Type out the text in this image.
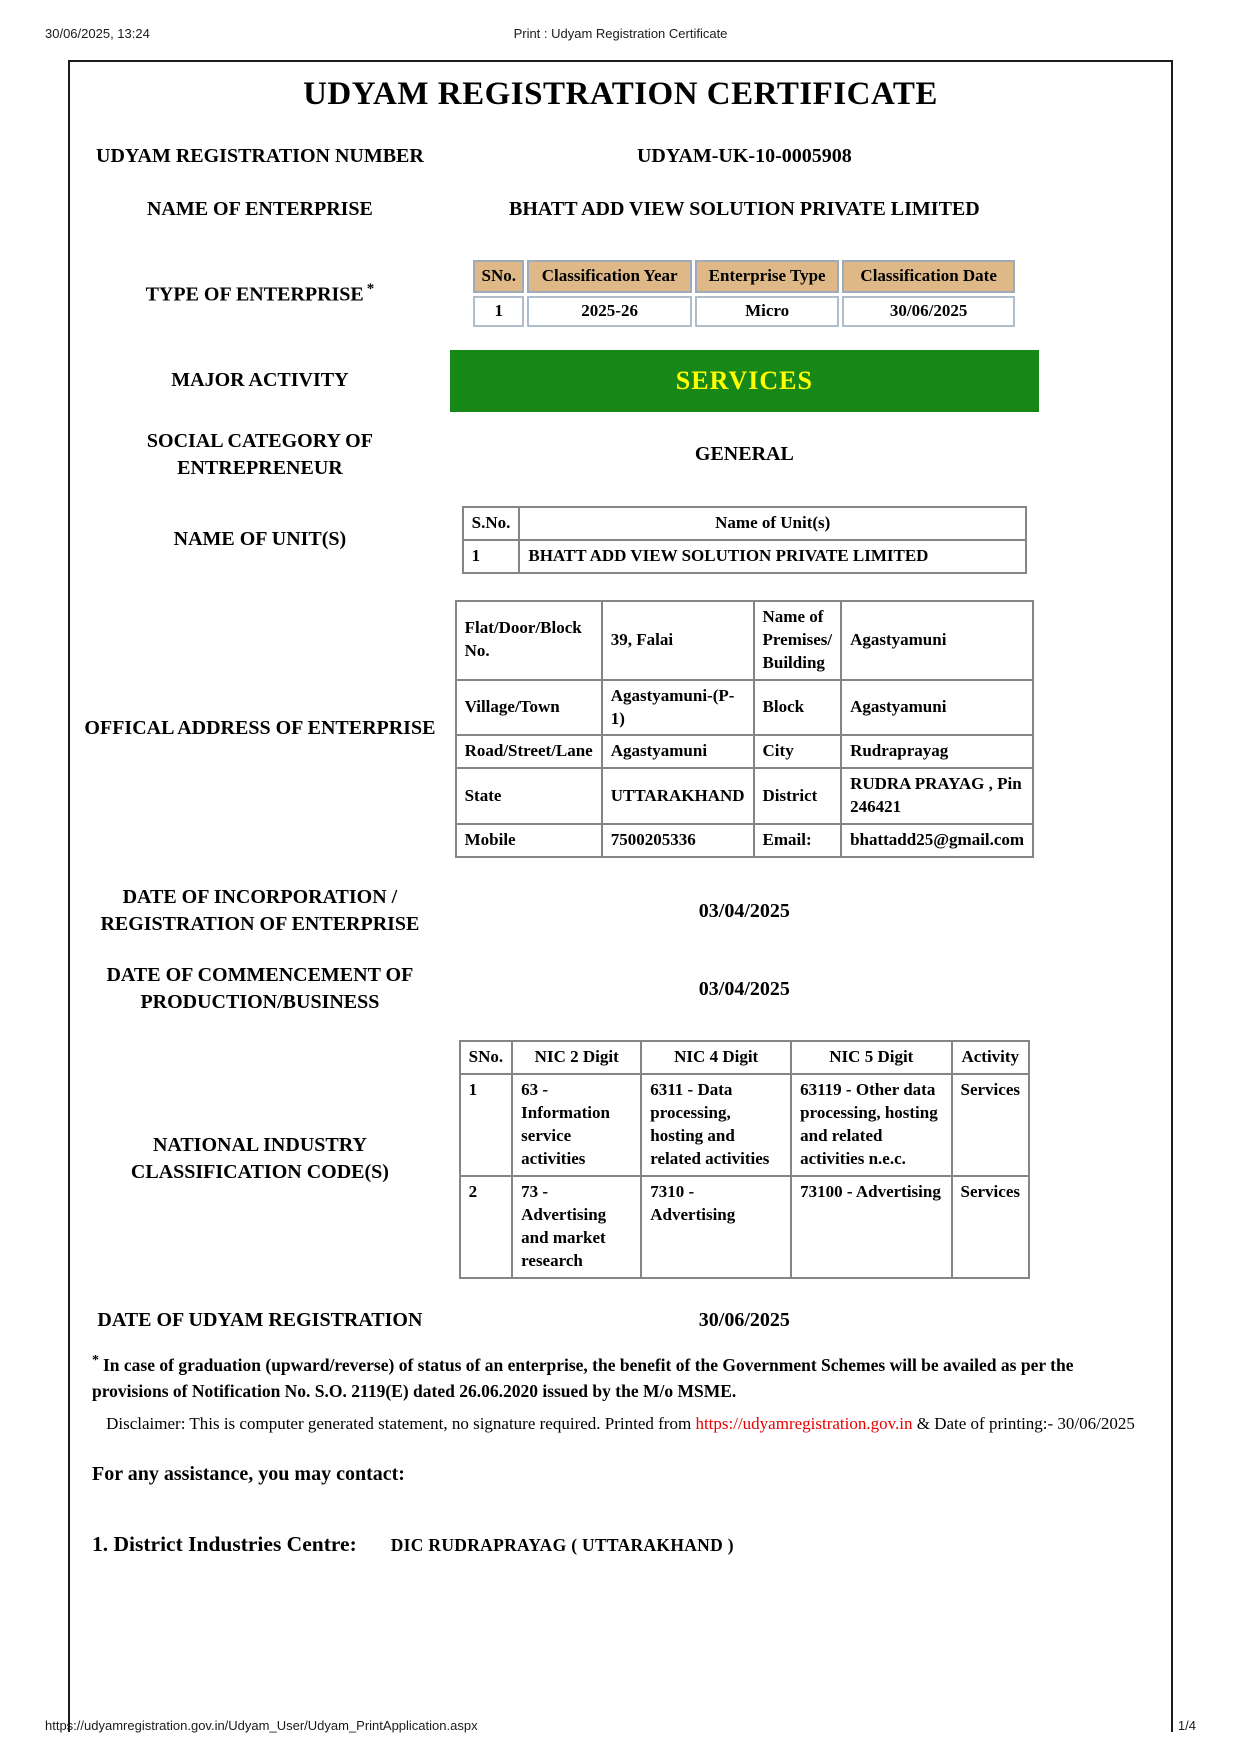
30/06/2025, 13:24	Print : Udyam Registration Certificate
UDYAM REGISTRATION CERTIFICATE
UDYAM REGISTRATION NUMBER	UDYAM-UK-10-0005908
NAME OF ENTERPRISE	BHATT ADD VIEW SOLUTION PRIVATE LIMITED
TYPE OF ENTERPRISE *
SNo.	Classification Year	Enterprise Type	Classification Date
1	2025-26	Micro	30/06/2025
MAJOR ACTIVITY	SERVICES
SOCIAL CATEGORY OF ENTREPRENEUR
GENERAL
NAME OF UNIT(S)
S.No.	Name of Unit(s)
1	BHATT ADD VIEW SOLUTION PRIVATE LIMITED
OFFICAL ADDRESS OF ENTERPRISE
Flat/Door/Block No.	39, Falai	Name of Premises/ Building	Agastyamuni
Village/Town	Agastyamuni-(P-1)	Block	Agastyamuni
Road/Street/Lane	Agastyamuni	City	Rudraprayag
State	UTTARAKHAND	District	RUDRA PRAYAG , Pin 246421
Mobile	7500205336	Email:	bhattadd25@gmail.com
DATE OF INCORPORATION / REGISTRATION OF ENTERPRISE
03/04/2025
DATE OF COMMENCEMENT OF PRODUCTION/BUSINESS
03/04/2025
NATIONAL INDUSTRY CLASSIFICATION CODE(S)
SNo.	NIC 2 Digit	NIC 4 Digit	NIC 5 Digit	Activity
1	63 - Information service activities	6311 - Data processing, hosting and related activities	63119 - Other data processing, hosting and related activities n.e.c.	Services
2	73 - Advertising and market research	7310 - Advertising	73100 - Advertising	Services
DATE OF UDYAM REGISTRATION	30/06/2025

* In case of graduation (upward/reverse) of status of an enterprise, the benefit of the Government Schemes will be availed as per the provisions of Notification No. S.O. 2119(E) dated 26.06.2020 issued by the M/o MSME.

Disclaimer: This is computer generated statement, no signature required. Printed from https://udyamregistration.gov.in & Date of printing:- 30/06/2025

For any assistance, you may contact:

1. District Industries Centre: DIC RUDRAPRAYAG ( UTTARAKHAND )
https://udyamregistration.gov.in/Udyam_User/Udyam_PrintApplication.aspx	1/4
